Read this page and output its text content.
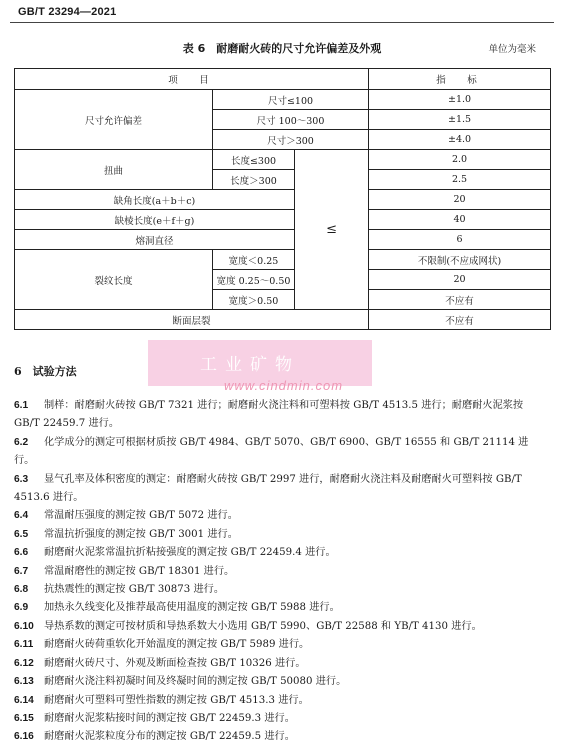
GB/T 23294—2021
表 6　耐磨耐火砖的尺寸允许偏差及外观	单位为毫米
项　目			指　标
尺寸允许偏差	尺寸≤100		±1.0
	尺寸 100～300		±1.5
	尺寸＞300		±4.0
扭曲	长度≤300	≤	2.0
	长度＞300		2.5
缺角长度(a＋b＋c)			20
缺棱长度(e＋f＋g)			40
熔洞直径			6
裂纹长度	宽度＜0.25		不限制(不应成网状)
	宽度 0.25～0.50		20
	宽度＞0.50		不应有
断面层裂			不应有
6　试验方法	工业矿物
www.cindmin.com

6.1 制样：耐磨耐火砖按 GB/T 7321 进行；耐磨耐火浇注料和可塑料按 GB/T 4513.5 进行；耐磨耐火泥浆按 GB/T 22459.7 进行。

6.2 化学成分的测定可根据材质按 GB/T 4984、GB/T 5070、GB/T 6900、GB/T 16555 和 GB/T 21114 进行。

6.3 显气孔率及体积密度的测定：耐磨耐火砖按 GB/T 2997 进行，耐磨耐火浇注料及耐磨耐火可塑料按 GB/T 4513.6 进行。

6.4 常温耐压强度的测定按 GB/T 5072 进行。

6.5 常温抗折强度的测定按 GB/T 3001 进行。

6.6 耐磨耐火泥浆常温抗折粘接强度的测定按 GB/T 22459.4 进行。

6.7 常温耐磨性的测定按 GB/T 18301 进行。

6.8 抗热震性的测定按 GB/T 30873 进行。

6.9 加热永久线变化及推荐最高使用温度的测定按 GB/T 5988 进行。

6.10 导热系数的测定可按材质和导热系数大小选用 GB/T 5990、GB/T 22588 和 YB/T 4130 进行。

6.11 耐磨耐火砖荷重软化开始温度的测定按 GB/T 5989 进行。

6.12 耐磨耐火砖尺寸、外观及断面检查按 GB/T 10326 进行。

6.13 耐磨耐火浇注料初凝时间及终凝时间的测定按 GB/T 50080 进行。

6.14 耐磨耐火可塑料可塑性指数的测定按 GB/T 4513.3 进行。

6.15 耐磨耐火泥浆粘接时间的测定按 GB/T 22459.3 进行。

6.16 耐磨耐火泥浆粒度分布的测定按 GB/T 22459.5 进行。
